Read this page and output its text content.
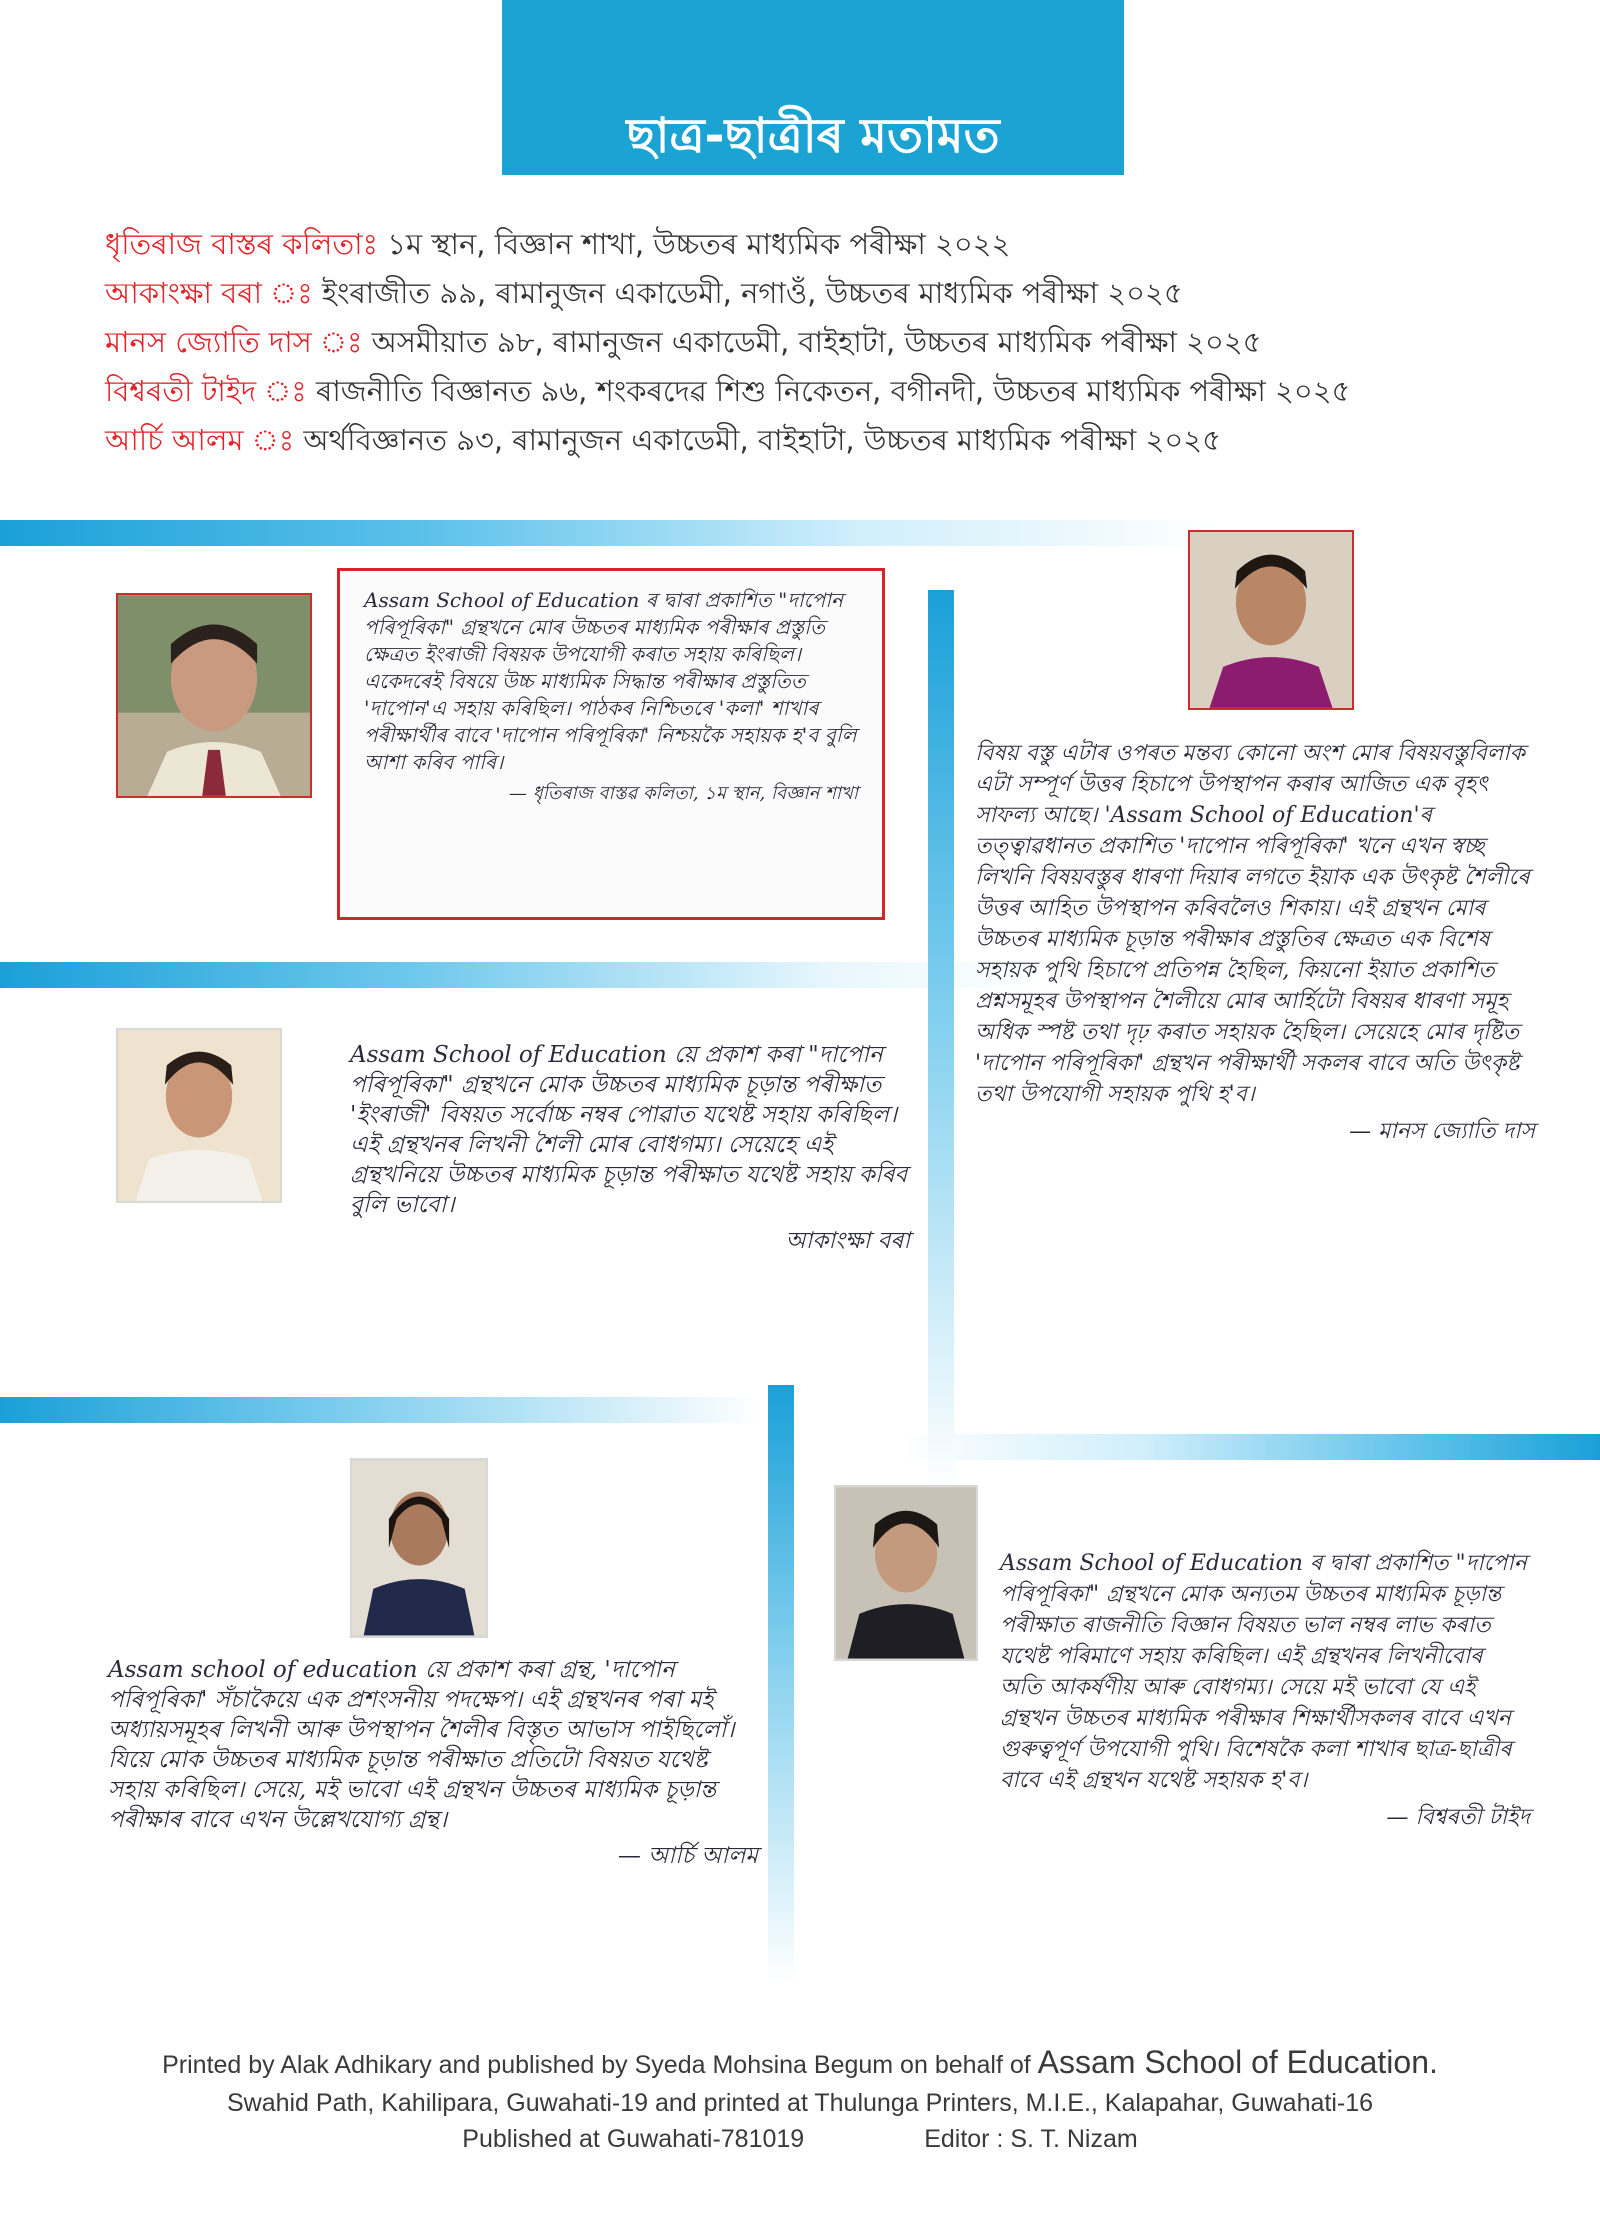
ছাত্ৰ-ছাত্ৰীৰ মতামত
ধৃতিৰাজ বাস্তৰ কলিতাঃ ১ম স্থান, বিজ্ঞান শাখা, উচ্চতৰ মাধ্যমিক পৰীক্ষা ২০২২
আকাংক্ষা বৰা ঃ ইংৰাজীত ৯৯, ৰামানুজন একাডেমী, নগাওঁ, উচ্চতৰ মাধ্যমিক পৰীক্ষা ২০২৫
মানস জ্যোতি দাস ঃ অসমীয়াত ৯৮, ৰামানুজন একাডেমী, বাইহাটা, উচ্চতৰ মাধ্যমিক পৰীক্ষা ২০২৫
বিশ্বৰতী টাইদ ঃ ৰাজনীতি বিজ্ঞানত ৯৬, শংকৰদেৱ শিশু নিকেতন, বগীনদী, উচ্চতৰ মাধ্যমিক পৰীক্ষা ২০২৫
আৰ্চি আলম ঃ অৰ্থবিজ্ঞানত ৯৩, ৰামানুজন একাডেমী, বাইহাটা, উচ্চতৰ মাধ্যমিক পৰীক্ষা ২০২৫
Assam School of Education ৰ দ্বাৰা প্ৰকাশিত "দাপোন পৰিপূৰিকা" গ্ৰন্থখনে মোৰ উচ্চতৰ মাধ্যমিক পৰীক্ষাৰ প্ৰস্তুতি ক্ষেত্ৰত ইংৰাজী বিষয়ক উপযোগী কৰাত সহায় কৰিছিল। একেদৰেই বিষয়ে উচ্চ মাধ্যমিক সিদ্ধান্ত পৰীক্ষাৰ প্ৰস্তুতিত 'দাপোন'এ সহায় কৰিছিল। পাঠকৰ নিশ্চিতৰে 'কলা' শাখাৰ পৰীক্ষাৰ্থীৰ বাবে 'দাপোন পৰিপূৰিকা' নিশ্চয়কৈ সহায়ক হ'ব বুলি আশা কৰিব পাৰি।
— ধৃতিৰাজ বাস্তৱ কলিতা, ১ম স্থান, বিজ্ঞান শাখা
বিষয় বস্তু এটাৰ ওপৰত মন্তব্য কোনো অংশ মোৰ বিষয়বস্তুবিলাক এটা সম্পূৰ্ণ উত্তৰ হিচাপে উপস্থাপন কৰাৰ আজিত এক বৃহৎ সাফল্য আছে। 'Assam School of Education'ৰ তত্ত্বাৱধানত প্ৰকাশিত 'দাপোন পৰিপূৰিকা' খনে এখন স্বচ্ছ লিখনি বিষয়বস্তুৰ ধাৰণা দিয়াৰ লগতে ইয়াক এক উৎকৃষ্ট শৈলীৰে উত্তৰ আহিত উপস্থাপন কৰিবলৈও শিকায়। এই গ্ৰন্থখন মোৰ উচ্চতৰ মাধ্যমিক চূড়ান্ত পৰীক্ষাৰ প্ৰস্তুতিৰ ক্ষেত্ৰত এক বিশেষ সহায়ক পুথি হিচাপে প্ৰতিপন্ন হৈছিল, কিয়নো ইয়াত প্ৰকাশিত প্ৰশ্নসমূহৰ উপস্থাপন শৈলীয়ে মোৰ আৰ্হিটো বিষয়ৰ ধাৰণা সমূহ অধিক স্পষ্ট তথা দৃঢ় কৰাত সহায়ক হৈছিল। সেয়েহে মোৰ দৃষ্টিত 'দাপোন পৰিপূৰিকা' গ্ৰন্থখন পৰীক্ষাৰ্থী সকলৰ বাবে অতি উৎকৃষ্ট তথা উপযোগী সহায়ক পুথি হ'ব।
— মানস জ্যোতি দাস
Assam School of Education য়ে প্ৰকাশ কৰা "দাপোন পৰিপূৰিকা" গ্ৰন্থখনে মোক উচ্চতৰ মাধ্যমিক চূড়ান্ত পৰীক্ষাত 'ইংৰাজী' বিষয়ত সৰ্বোচ্চ নম্বৰ পোৱাত যথেষ্ট সহায় কৰিছিল। এই গ্ৰন্থখনৰ লিখনী শৈলী মোৰ বোধগম্য। সেয়েহে এই গ্ৰন্থখনিয়ে উচ্চতৰ মাধ্যমিক চূড়ান্ত পৰীক্ষাত যথেষ্ট সহায় কৰিব বুলি ভাবো।
আকাংক্ষা বৰা
Assam school of education য়ে প্ৰকাশ কৰা গ্ৰন্থ, 'দাপোন পৰিপূৰিকা' সঁচাকৈয়ে এক প্ৰশংসনীয় পদক্ষেপ। এই গ্ৰন্থখনৰ পৰা মই অধ্যায়সমূহৰ লিখনী আৰু উপস্থাপন শৈলীৰ বিস্তৃত আভাস পাইছিলোঁ। যিয়ে মোক উচ্চতৰ মাধ্যমিক চূড়ান্ত পৰীক্ষাত প্ৰতিটো বিষয়ত যথেষ্ট সহায় কৰিছিল। সেয়ে, মই ভাবো এই গ্ৰন্থখন উচ্চতৰ মাধ্যমিক চূড়ান্ত পৰীক্ষাৰ বাবে এখন উল্লেখযোগ্য গ্ৰন্থ।
— আৰ্চি আলম
Assam School of Education ৰ দ্বাৰা প্ৰকাশিত "দাপোন পৰিপূৰিকা" গ্ৰন্থখনে মোক অন্যতম উচ্চতৰ মাধ্যমিক চূড়ান্ত পৰীক্ষাত ৰাজনীতি বিজ্ঞান বিষয়ত ভাল নম্বৰ লাভ কৰাত যথেষ্ট পৰিমাণে সহায় কৰিছিল। এই গ্ৰন্থখনৰ লিখনীবোৰ অতি আকৰ্ষণীয় আৰু বোধগম্য। সেয়ে মই ভাবো যে এই গ্ৰন্থখন উচ্চতৰ মাধ্যমিক পৰীক্ষাৰ শিক্ষাৰ্থীসকলৰ বাবে এখন গুৰুত্বপূৰ্ণ উপযোগী পুথি। বিশেষকৈ কলা শাখাৰ ছাত্ৰ-ছাত্ৰীৰ বাবে এই গ্ৰন্থখন যথেষ্ট সহায়ক হ'ব।
— বিশ্বৰতী টাইদ
Printed by Alak Adhikary and published by Syeda Mohsina Begum on behalf of Assam School of Education.
Swahid Path, Kahilipara, Guwahati-19 and printed at Thulunga Printers, M.I.E., Kalapahar, Guwahati-16
Published at Guwahati-781019	Editor : S. T. Nizam
